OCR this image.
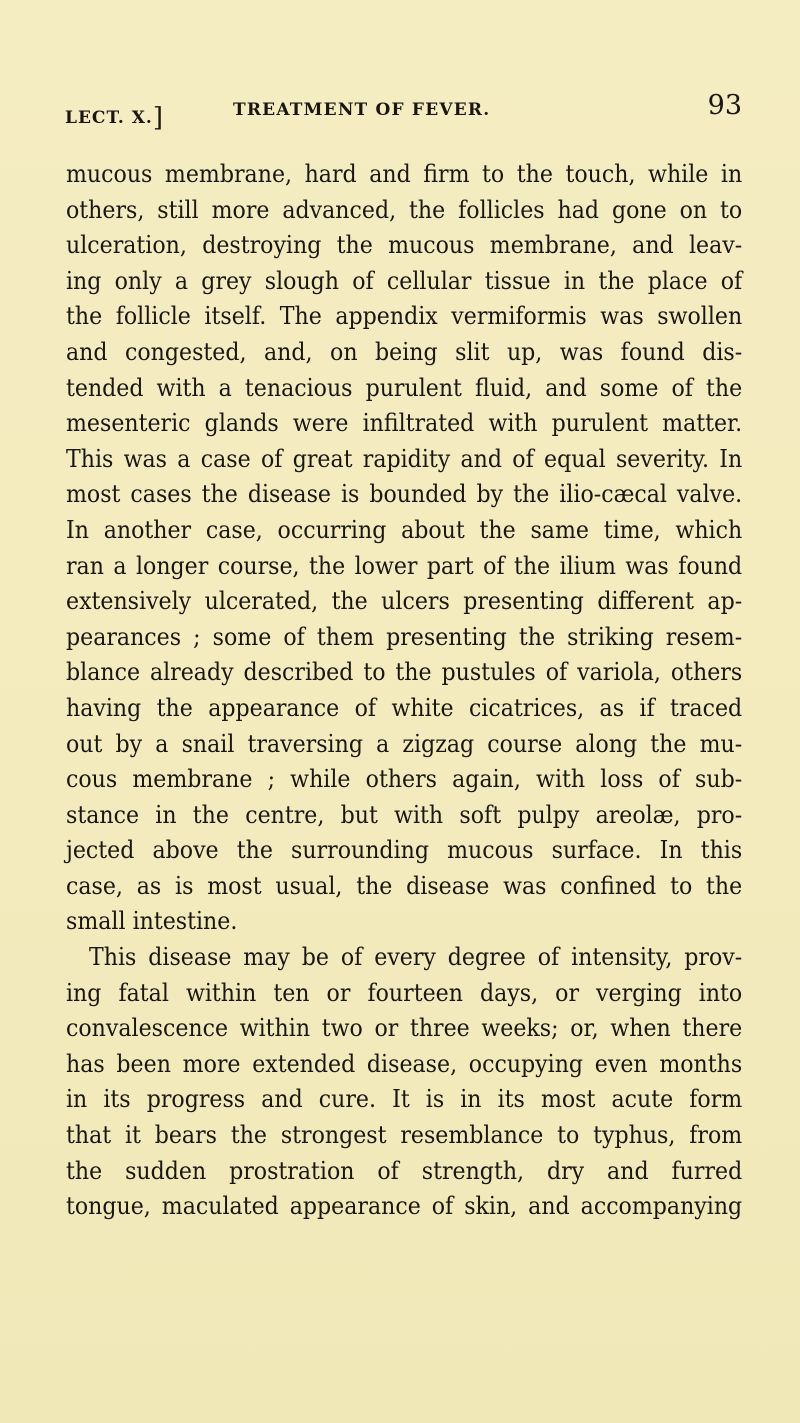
LECT. X.]	TREATMENT OF FEVER.	93
mucous membrane, hard and firm to the touch, while in
others, still more advanced, the follicles had gone on to
ulceration, destroying the mucous membrane, and leav-
ing only a grey slough of cellular tissue in the place of
the follicle itself. The appendix vermiformis was swollen
and congested, and, on being slit up, was found dis-
tended with a tenacious purulent fluid, and some of the
mesenteric glands were infiltrated with purulent matter.
This was a case of great rapidity and of equal severity. In
most cases the disease is bounded by the ilio-cæcal valve.
In another case, occurring about the same time, which
ran a longer course, the lower part of the ilium was found
extensively ulcerated, the ulcers presenting different ap-
pearances ; some of them presenting the striking resem-
blance already described to the pustules of variola, others
having the appearance of white cicatrices, as if traced
out by a snail traversing a zigzag course along the mu-
cous membrane ; while others again, with loss of sub-
stance in the centre, but with soft pulpy areolæ, pro-
jected above the surrounding mucous surface. In this
case, as is most usual, the disease was confined to the
small intestine.
This disease may be of every degree of intensity, prov-
ing fatal within ten or fourteen days, or verging into
convalescence within two or three weeks; or, when there
has been more extended disease, occupying even months
in its progress and cure. It is in its most acute form
that it bears the strongest resemblance to typhus, from
the sudden prostration of strength, dry and furred
tongue, maculated appearance of skin, and accompanying
